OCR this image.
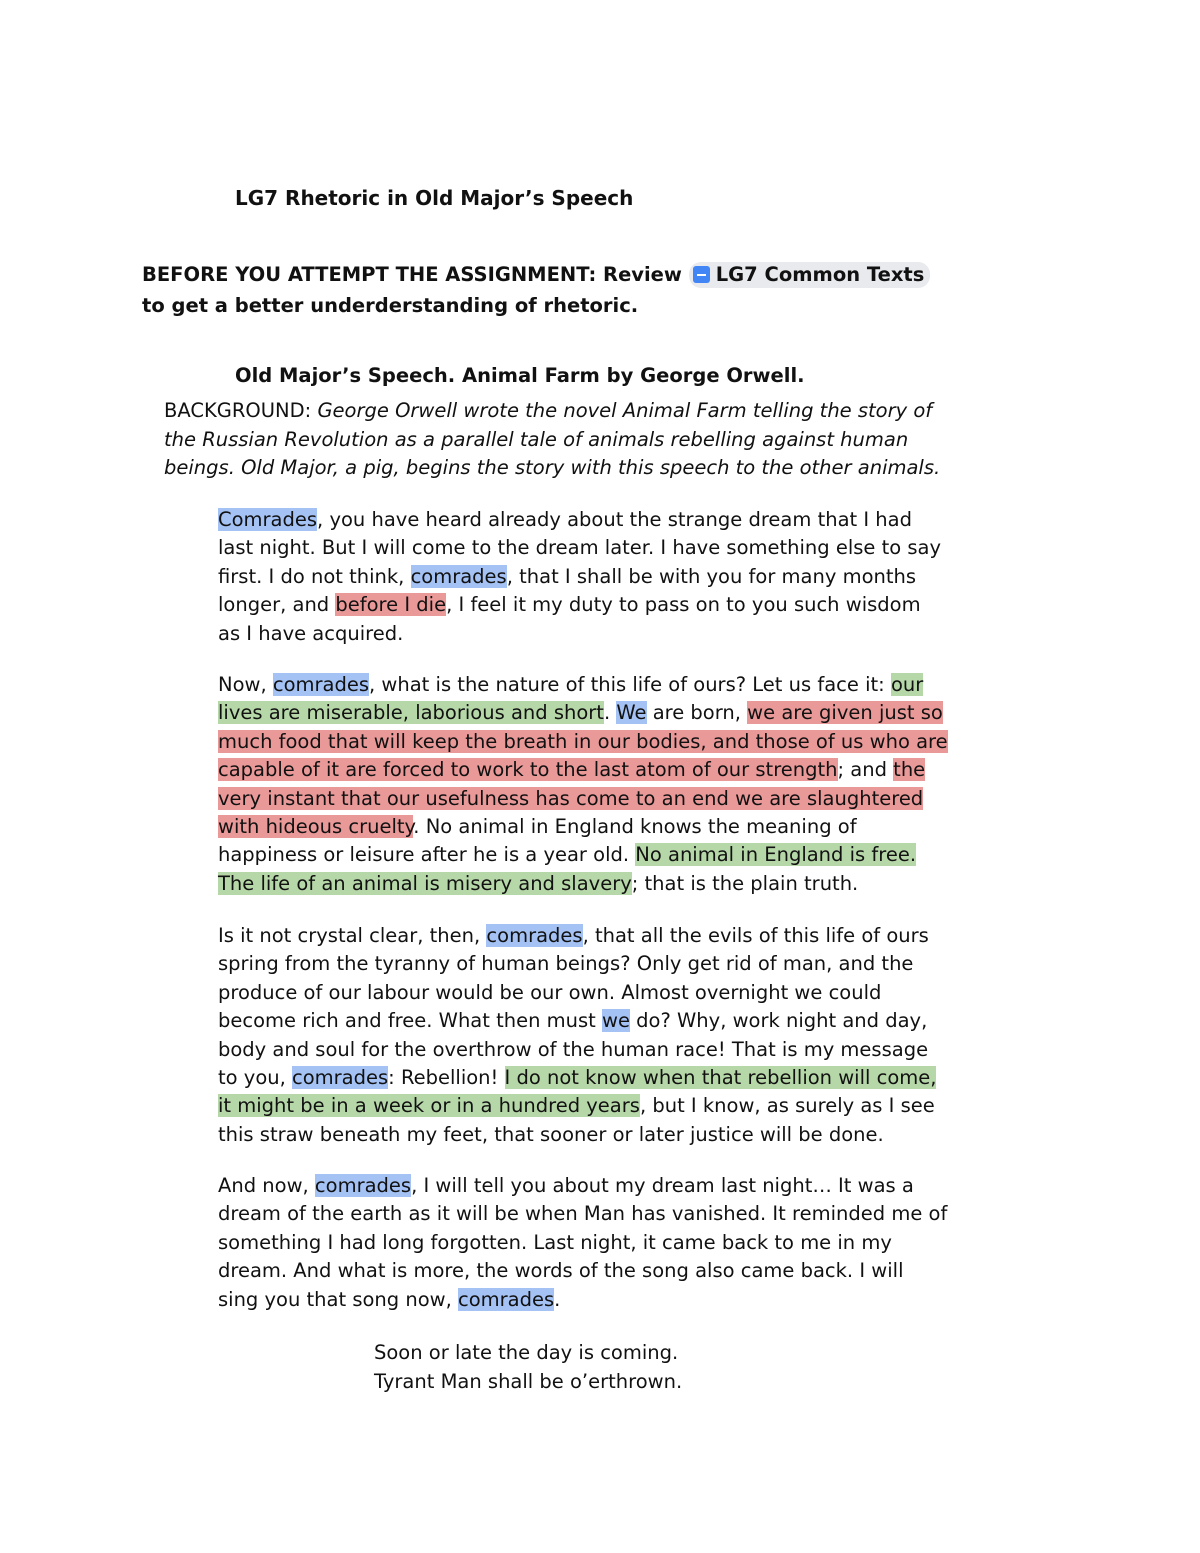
LG7 Rhetoric in Old Major’s Speech

BEFORE YOU ATTEMPT THE ASSIGNMENT: Review LG7 Common Texts to get a better underderstanding of rhetoric.

Old Major’s Speech. Animal Farm by George Orwell.

BACKGROUND: George Orwell wrote the novel Animal Farm telling the story of the Russian Revolution as a parallel tale of animals rebelling against human beings. Old Major, a pig, begins the story with this speech to the other animals.

Comrades, you have heard already about the strange dream that I had last night. But I will come to the dream later. I have something else to say first. I do not think, comrades, that I shall be with you for many months longer, and before I die, I feel it my duty to pass on to you such wisdom as I have acquired.

Now, comrades, what is the nature of this life of ours? Let us face it: our lives are miserable, laborious and short. We are born, we are given just so much food that will keep the breath in our bodies, and those of us who are capable of it are forced to work to the last atom of our strength; and the very instant that our usefulness has come to an end we are slaughtered with hideous cruelty. No animal in England knows the meaning of happiness or leisure after he is a year old. No animal in England is free. The life of an animal is misery and slavery; that is the plain truth.

Is it not crystal clear, then, comrades, that all the evils of this life of ours spring from the tyranny of human beings? Only get rid of man, and the produce of our labour would be our own. Almost overnight we could become rich and free. What then must we do? Why, work night and day, body and soul for the overthrow of the human race! That is my message to you, comrades: Rebellion! I do not know when that rebellion will come, it might be in a week or in a hundred years, but I know, as surely as I see this straw beneath my feet, that sooner or later justice will be done.

And now, comrades, I will tell you about my dream last night… It was a dream of the earth as it will be when Man has vanished. It reminded me of something I had long forgotten. Last night, it came back to me in my dream. And what is more, the words of the song also came back. I will sing you that song now, comrades.

Soon or late the day is coming.
Tyrant Man shall be o’erthrown.
